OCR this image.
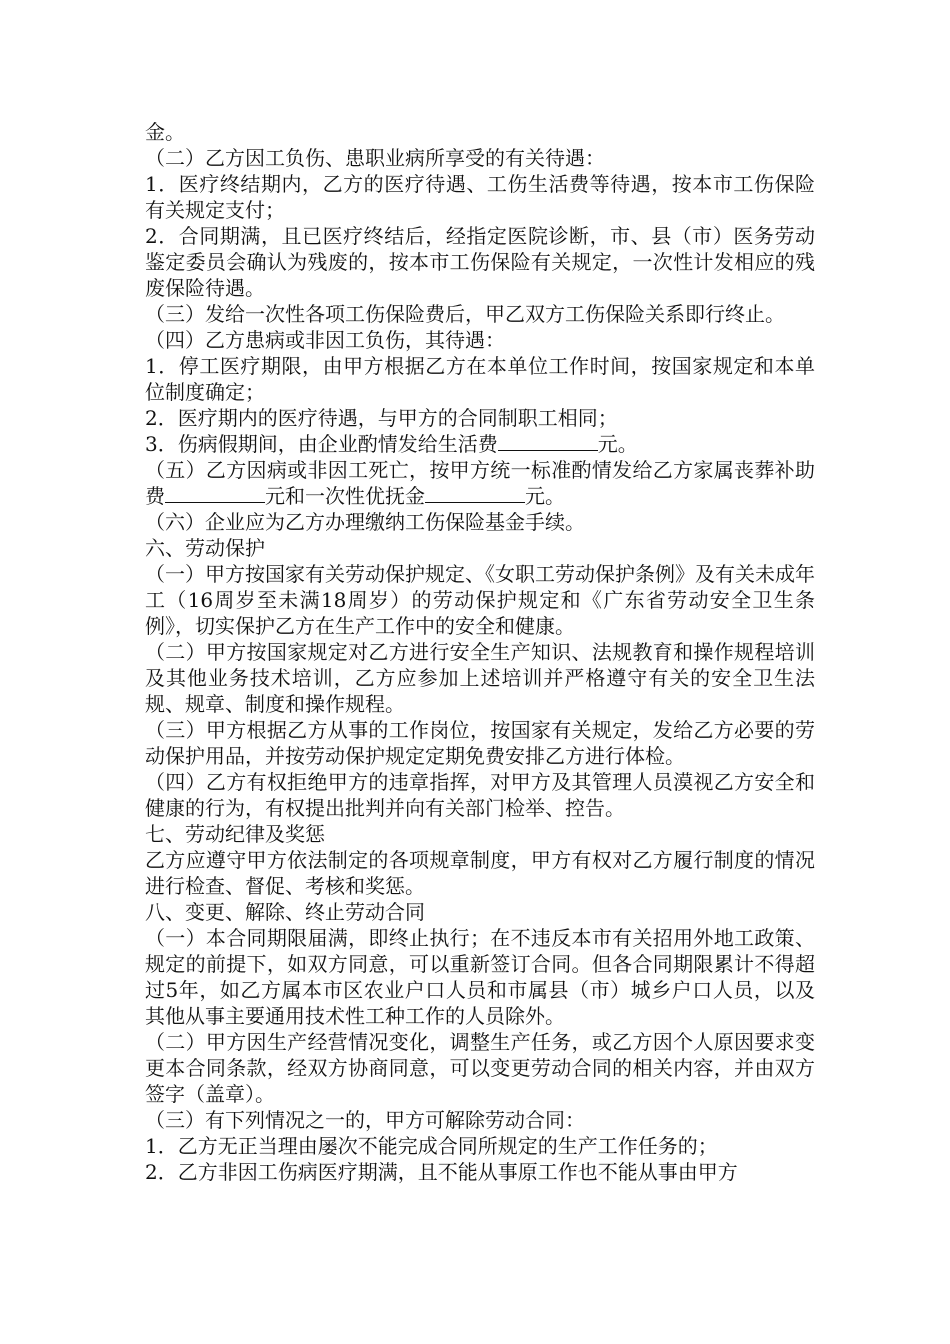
金。

（二）乙方因工负伤、患职业病所享受的有关待遇：

1．医疗终结期内，乙方的医疗待遇、工伤生活费等待遇，按本市工伤保险有关规定支付；

2．合同期满，且已医疗终结后，经指定医院诊断，市、县（市）医务劳动鉴定委员会确认为残废的，按本市工伤保险有关规定，一次性计发相应的残废保险待遇。

（三）发给一次性各项工伤保险费后，甲乙双方工伤保险关系即行终止。

（四）乙方患病或非因工负伤，其待遇：

1．停工医疗期限，由甲方根据乙方在本单位工作时间，按国家规定和本单位制度确定；

2．医疗期内的医疗待遇，与甲方的合同制职工相同；

3．伤病假期间，由企业酌情发给生活费	元。

（五）乙方因病或非因工死亡，按甲方统一标准酌情发给乙方家属丧葬补助费	元和一次性优抚金	元。

（六）企业应为乙方办理缴纳工伤保险基金手续。

六、劳动保护

（一）甲方按国家有关劳动保护规定、《女职工劳动保护条例》及有关未成年工（16周岁至未满18周岁）的劳动保护规定和《广东省劳动安全卫生条例》，切实保护乙方在生产工作中的安全和健康。

（二）甲方按国家规定对乙方进行安全生产知识、法规教育和操作规程培训及其他业务技术培训，乙方应参加上述培训并严格遵守有关的安全卫生法规、规章、制度和操作规程。

（三）甲方根据乙方从事的工作岗位，按国家有关规定，发给乙方必要的劳动保护用品，并按劳动保护规定定期免费安排乙方进行体检。

（四）乙方有权拒绝甲方的违章指挥，对甲方及其管理人员漠视乙方安全和健康的行为，有权提出批判并向有关部门检举、控告。

七、劳动纪律及奖惩

乙方应遵守甲方依法制定的各项规章制度，甲方有权对乙方履行制度的情况进行检查、督促、考核和奖惩。

八、变更、解除、终止劳动合同

（一）本合同期限届满，即终止执行；在不违反本市有关招用外地工政策、规定的前提下，如双方同意，可以重新签订合同。但各合同期限累计不得超过5年，如乙方属本市区农业户口人员和市属县（市）城乡户口人员，以及其他从事主要通用技术性工种工作的人员除外。

（二）甲方因生产经营情况变化，调整生产任务，或乙方因个人原因要求变更本合同条款，经双方协商同意，可以变更劳动合同的相关内容，并由双方签字（盖章）。

（三）有下列情况之一的，甲方可解除劳动合同：

1．乙方无正当理由屡次不能完成合同所规定的生产工作任务的；

2．乙方非因工伤病医疗期满，且不能从事原工作也不能从事由甲方
